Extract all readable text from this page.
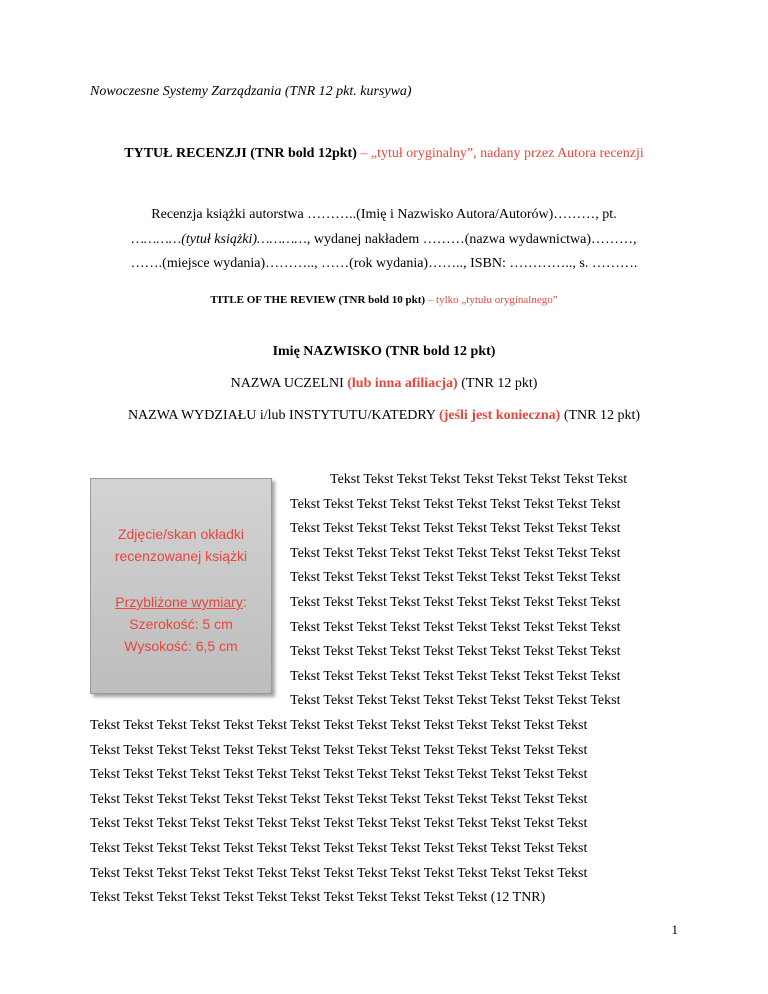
Nowoczesne Systemy Zarządzania (TNR 12 pkt. kursywa)
TYTUŁ RECENZJI (TNR bold 12pkt) – „tytuł oryginalny”, nadany przez Autora recenzji
Recenzja książki autorstwa ………..(Imię i Nazwisko Autora/Autorów)………, pt.
…………(tytuł książki)…………, wydanej nakładem ………(nazwa wydawnictwa)………,
…….(miejsce wydania)……….., ……(rok wydania)…….., ISBN: ………….., s. ……….
TITLE OF THE REVIEW (TNR bold 10 pkt) – tylko „tytułu oryginalnego”
Imię NAZWISKO (TNR bold 12 pkt)
NAZWA UCZELNI (lub inna afiliacja) (TNR 12 pkt)
NAZWA WYDZIAŁU i/lub INSTYTUTU/KATEDRY (jeśli jest konieczna) (TNR 12 pkt)
Zdjęcie/skan okładki
recenzowanej książki
Przybliżone wymiary:
Szerokość: 5 cm
Wysokość: 6,5 cm
Tekst Tekst Tekst Tekst Tekst Tekst Tekst Tekst Tekst
Tekst Tekst Tekst Tekst Tekst Tekst Tekst Tekst Tekst Tekst
Tekst Tekst Tekst Tekst Tekst Tekst Tekst Tekst Tekst Tekst
Tekst Tekst Tekst Tekst Tekst Tekst Tekst Tekst Tekst Tekst
Tekst Tekst Tekst Tekst Tekst Tekst Tekst Tekst Tekst Tekst
Tekst Tekst Tekst Tekst Tekst Tekst Tekst Tekst Tekst Tekst
Tekst Tekst Tekst Tekst Tekst Tekst Tekst Tekst Tekst Tekst
Tekst Tekst Tekst Tekst Tekst Tekst Tekst Tekst Tekst Tekst
Tekst Tekst Tekst Tekst Tekst Tekst Tekst Tekst Tekst Tekst
Tekst Tekst Tekst Tekst Tekst Tekst Tekst Tekst Tekst Tekst
Tekst Tekst Tekst Tekst Tekst Tekst Tekst Tekst Tekst Tekst Tekst Tekst Tekst Tekst Tekst
Tekst Tekst Tekst Tekst Tekst Tekst Tekst Tekst Tekst Tekst Tekst Tekst Tekst Tekst Tekst
Tekst Tekst Tekst Tekst Tekst Tekst Tekst Tekst Tekst Tekst Tekst Tekst Tekst Tekst Tekst
Tekst Tekst Tekst Tekst Tekst Tekst Tekst Tekst Tekst Tekst Tekst Tekst Tekst Tekst Tekst
Tekst Tekst Tekst Tekst Tekst Tekst Tekst Tekst Tekst Tekst Tekst Tekst Tekst Tekst Tekst
Tekst Tekst Tekst Tekst Tekst Tekst Tekst Tekst Tekst Tekst Tekst Tekst Tekst Tekst Tekst
Tekst Tekst Tekst Tekst Tekst Tekst Tekst Tekst Tekst Tekst Tekst Tekst Tekst Tekst Tekst
Tekst Tekst Tekst Tekst Tekst Tekst Tekst Tekst Tekst Tekst Tekst Tekst (12 TNR)
1
